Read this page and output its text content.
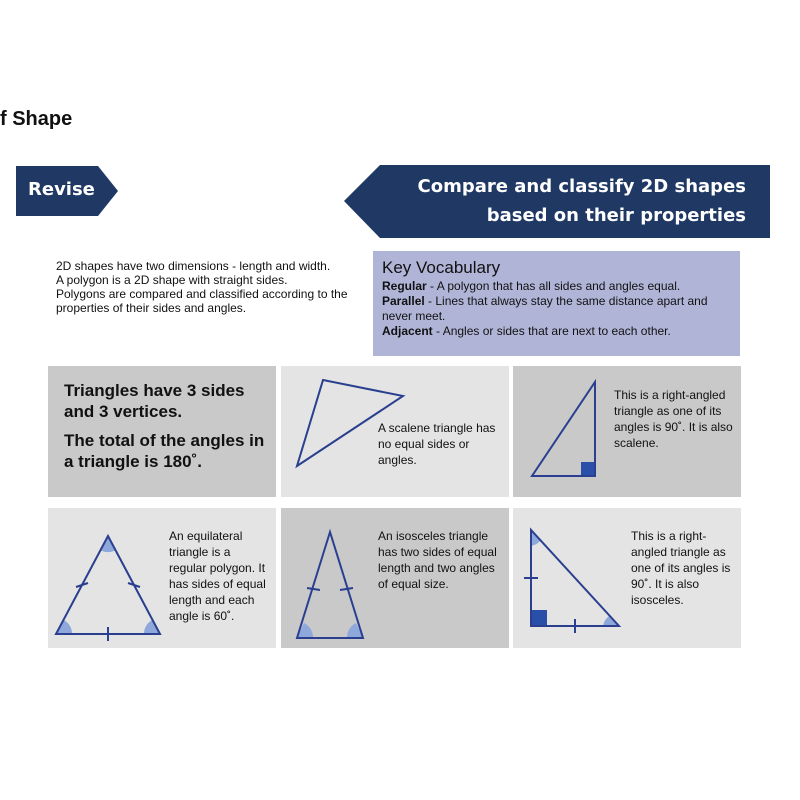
f Shape
Revise	Compare and classify 2D shapes
based on their properties
2D shapes have two dimensions - length and width.
A polygon is a 2D shape with straight sides.
Polygons are compared and classified according to the properties of their sides and angles.
Key Vocabulary
Regular - A polygon that has all sides and angles equal.
Parallel - Lines that always stay the same distance apart and never meet.
Adjacent - Angles or sides that are next to each other.
Triangles have 3 sides and 3 vertices.
The total of the angles in a triangle is 180˚.
A scalene triangle has no equal sides or angles.
This is a right-angled triangle as one of its angles is 90˚. It is also scalene.
An equilateral triangle is a regular polygon. It has sides of equal length and each angle is 60˚.
An isosceles triangle has two sides of equal length and two angles of equal size.
This is a right-angled triangle as one of its angles is 90˚. It is also isosceles.
